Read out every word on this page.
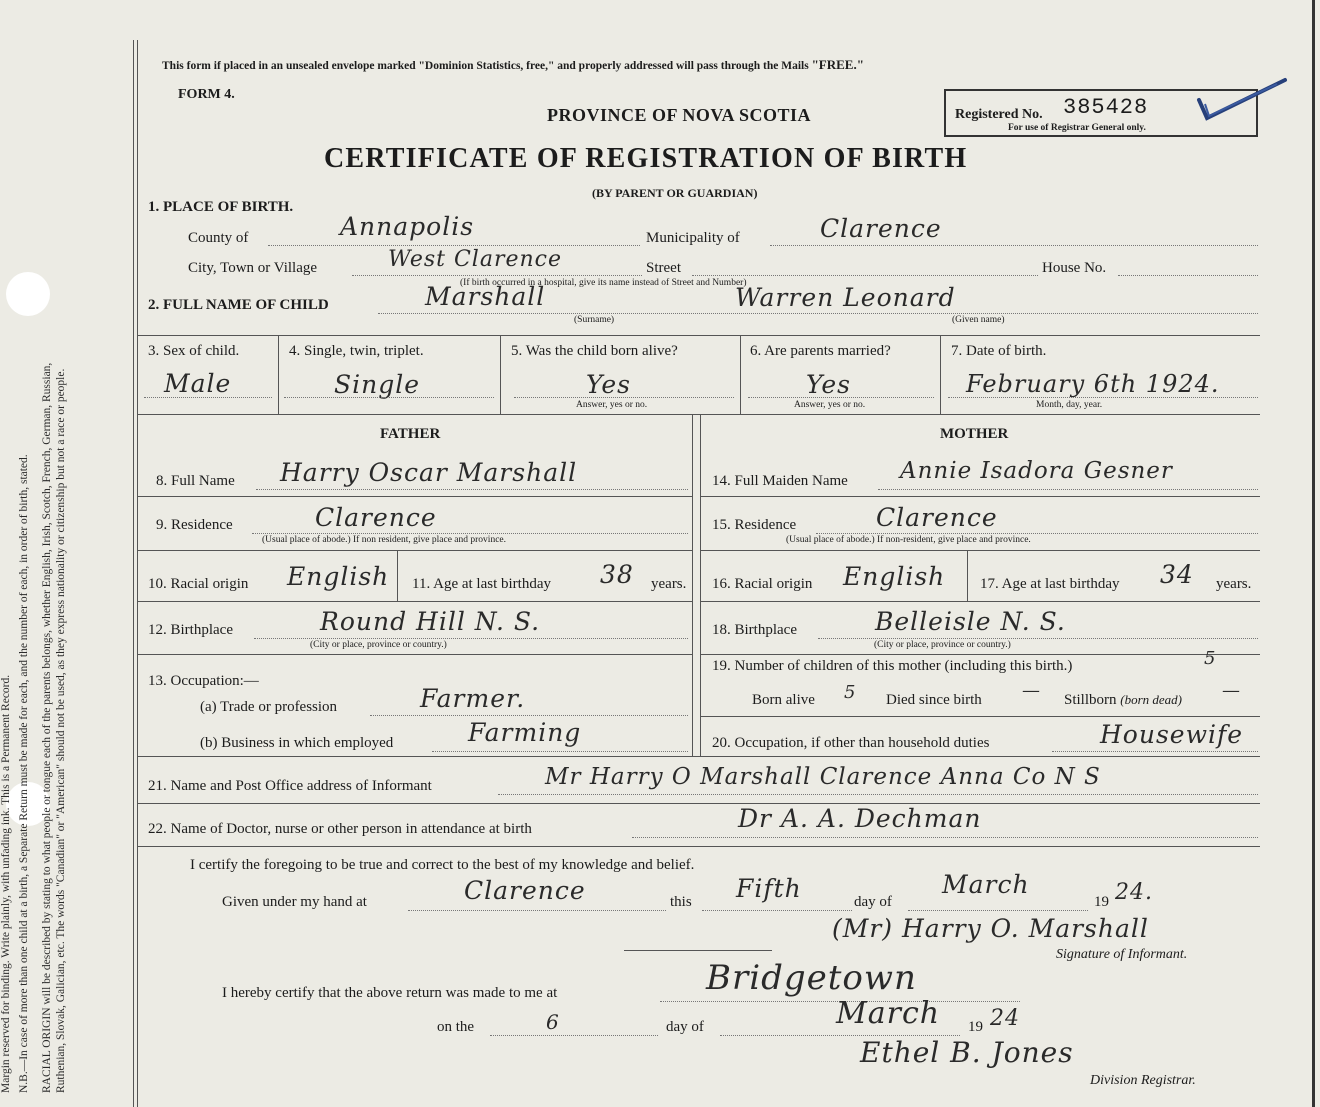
Margin reserved for binding. Write plainly, with unfading ink. This is a Permanent Record. N.B.—In case of more than one child at a birth, a Separate Return must be made for each, and the number of each, in order of birth, stated. RACIAL ORIGIN will be described by stating to what people or tongue each of the parents belongs, whether English, Irish, Scotch, French, German, Russian, Ruthenian, Slovak, Galician, etc. The words "Canadian" or "American" should not be used, as they express nationality or citizenship but not a race or people.
This form if placed in an unsealed envelope marked "Dominion Statistics, free," and properly addressed will pass through the Mails "FREE."
FORM 4.
PROVINCE OF NOVA SCOTIA
CERTIFICATE OF REGISTRATION OF BIRTH
(BY PARENT OR GUARDIAN)
Registered No. 385428
For use of Registrar General only.
1. PLACE OF BIRTH.
County of	Annapolis	Municipality of	Clarence
City, Town or Village	West Clarence	Street	House No.
(If birth occurred in a hospital, give its name instead of Street and Number)
2. FULL NAME OF CHILD	Marshall
(Surname)
Warren Leonard
(Given name)
3. Sex of child.
Male
4. Single, twin, triplet.
Single
5. Was the child born alive?
Yes
Answer, yes or no.
6. Are parents married?
Yes
Answer, yes or no.
7. Date of birth.
February 6th 1924.
Month, day, year.
FATHER	MOTHER
8. Full Name Harry Oscar Marshall
9. Residence	Clarence
(Usual place of abode.) If non resident, give place and province.
10. Racial origin English 11. Age at last birthday 38 years.
12. Birthplace	Round Hill N. S.
(City or place, province or country.)
13. Occupation:—
(a) Trade or profession	Farmer.
(b) Business in which employed	Farming
14. Full Maiden Name Annie Isadora Gesner
15. Residence	Clarence
(Usual place of abode.) If non-resident, give place and province.
16. Racial origin English 17. Age at last birthday 34 years.
18. Birthplace	Belleisle N. S.
(City or place, province or country.)
19. Number of children of this mother (including this birth.)	5
Born alive 5 Died since birth — Stillborn (born dead) —
20. Occupation, if other than household duties	Housewife
21. Name and Post Office address of Informant	Mr Harry O Marshall Clarence Anna Co N S
22. Name of Doctor, nurse or other person in attendance at birth	Dr A. A. Dechman
I certify the foregoing to be true and correct to the best of my knowledge and belief.
Given under my hand at	Clarence	this Fifth	day of
March
19 24.
(Mr) Harry O. Marshall
Signature of Informant.
I hereby certify that the above return was made to me at	Bridgetown
on the	6	day of	March 19 24
Ethel B. Jones
Division Registrar.
